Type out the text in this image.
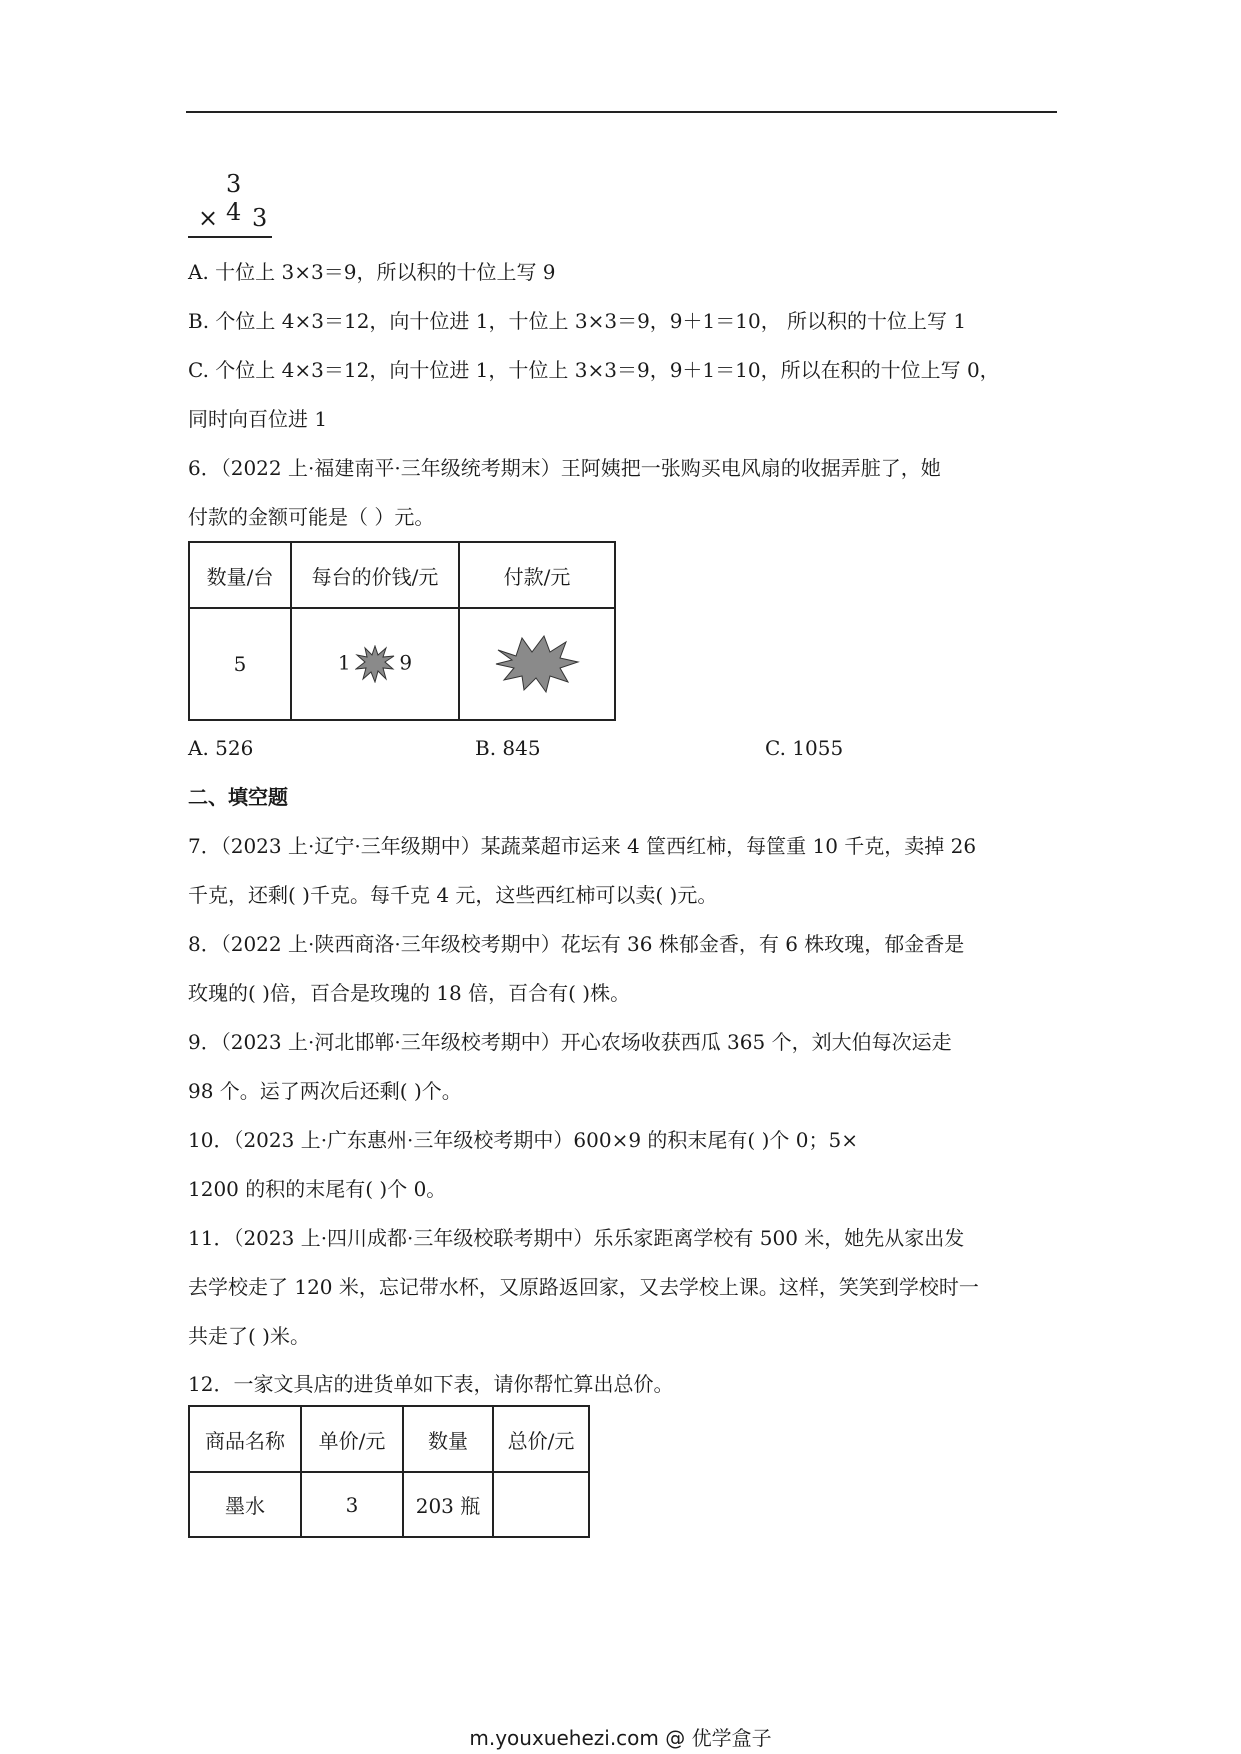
3 4
× 3
A. 十位上 3×3＝9，所以积的十位上写 9
B. 个位上 4×3＝12，向十位进 1，十位上 3×3＝9，9＋1＝10， 所以积的十位上写 1
C. 个位上 4×3＝12，向十位进 1，十位上 3×3＝9，9＋1＝10，所以在积的十位上写 0，
同时向百位进 1
6．（2022 上·福建南平·三年级统考期末）王阿姨把一张购买电风扇的收据弄脏了，她
付款的金额可能是（ ）元。
数量/台	每台的价钱/元	付款/元
5	1 9	
A. 526	B. 845	C. 1055
二、填空题
7．（2023 上·辽宁·三年级期中）某蔬菜超市运来 4 筐西红柿，每筐重 10 千克，卖掉 26
千克，还剩( )千克。每千克 4 元，这些西红柿可以卖( )元。
8．（2022 上·陕西商洛·三年级校考期中）花坛有 36 株郁金香，有 6 株玫瑰，郁金香是
玫瑰的( )倍，百合是玫瑰的 18 倍，百合有( )株。
9．（2023 上·河北邯郸·三年级校考期中）开心农场收获西瓜 365 个，刘大伯每次运走
98 个。运了两次后还剩( )个。
10．（2023 上·广东惠州·三年级校考期中）600×9 的积末尾有( )个 0；5×
1200 的积的末尾有( )个 0。
11．（2023 上·四川成都·三年级校联考期中）乐乐家距离学校有 500 米，她先从家出发
去学校走了 120 米，忘记带水杯，又原路返回家，又去学校上课。这样，笑笑到学校时一
共走了( )米。
12．一家文具店的进货单如下表，请你帮忙算出总价。
商品名称	单价/元	数量	总价/元
墨水	3	203 瓶	
m.youxuehezi.com @ 优学盒子
